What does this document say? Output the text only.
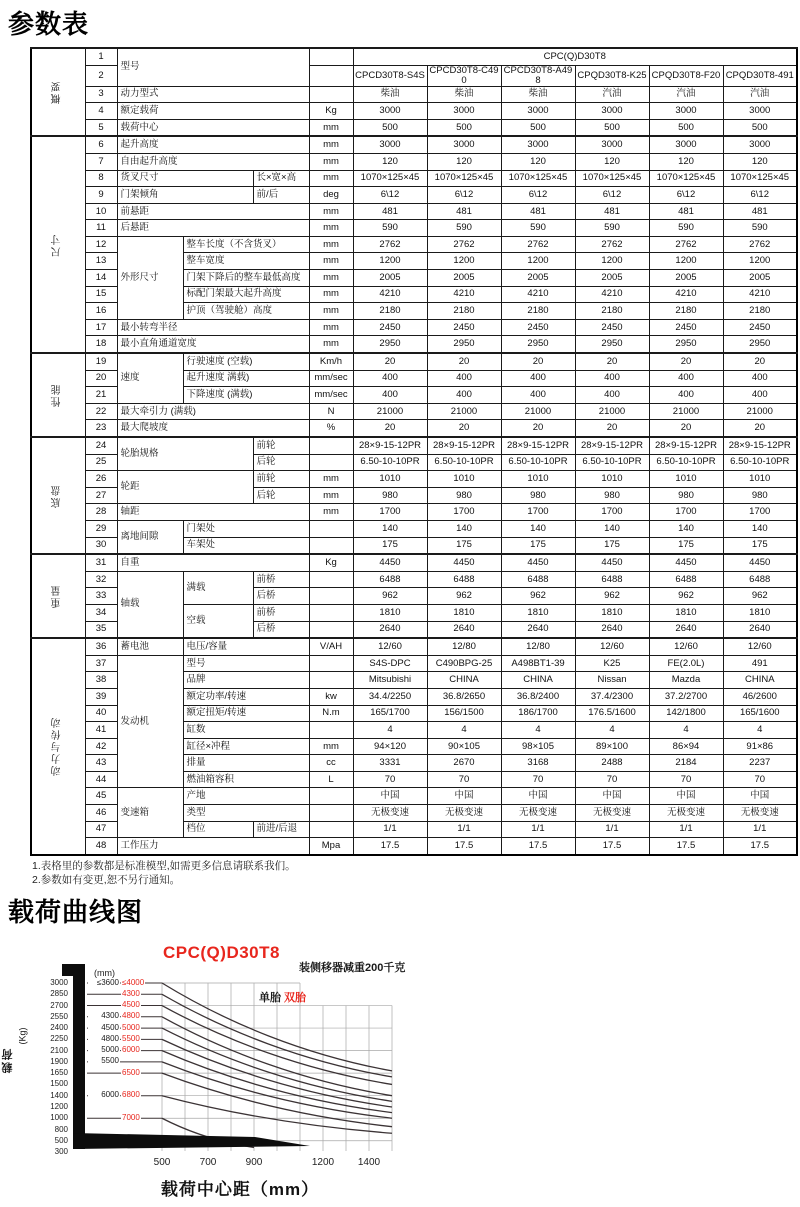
参数表
概要	1	型号				CPC(Q)D30T8					
	2					CPCD30T8-S4S	CPCD30T8-C490	CPCD30T8-A498	CPQD30T8-K25	CPQD30T8-F20	CPQD30T8-491
	3	动力型式				柴油	柴油	柴油	汽油	汽油	汽油
	4	额定载荷			Kg	3000	3000	3000	3000	3000	3000
	5	载荷中心			mm	500	500	500	500	500	500

尺寸	6	起升高度			mm	3000	3000	3000	3000	3000	3000
	7	自由起升高度			mm	120	120	120	120	120	120
	8	货叉尺寸		长×宽×高	mm	1070×125×45	1070×125×45	1070×125×45	1070×125×45	1070×125×45	1070×125×45
	9	门架倾角		前/后	deg	6\12	6\12	6\12	6\12	6\12	6\12
	10	前悬距			mm	481	481	481	481	481	481
	11	后悬距			mm	590	590	590	590	590	590
	12	外形尺寸	整车长度（不含货叉）		mm	2762	2762	2762	2762	2762	2762
	13		整车宽度		mm	1200	1200	1200	1200	1200	1200
	14		门架下降后的整车最低高度		mm	2005	2005	2005	2005	2005	2005
	15		标配门架最大起升高度		mm	4210	4210	4210	4210	4210	4210
	16		护顶（驾驶舱）高度		mm	2180	2180	2180	2180	2180	2180
	17	最小转弯半径			mm	2450	2450	2450	2450	2450	2450
	18	最小直角通道宽度			mm	2950	2950	2950	2950	2950	2950

性能	19	速度	行驶速度 (空载)		Km/h	20	20	20	20	20	20
	20		起升速度 满载)		mm/sec	400	400	400	400	400	400
	21		下降速度 (满载)		mm/sec	400	400	400	400	400	400
	22	最大牵引力 (满载)			N	21000	21000	21000	21000	21000	21000
	23	最大爬坡度			%	20	20	20	20	20	20

底盘	24	轮胎规格		前轮		28×9-15-12PR	28×9-15-12PR	28×9-15-12PR	28×9-15-12PR	28×9-15-12PR	28×9-15-12PR
	25			后轮		6.50-10-10PR	6.50-10-10PR	6.50-10-10PR	6.50-10-10PR	6.50-10-10PR	6.50-10-10PR
	26	轮距		前轮	mm	1010	1010	1010	1010	1010	1010
	27			后轮	mm	980	980	980	980	980	980
	28	轴距			mm	1700	1700	1700	1700	1700	1700
	29	离地间隙	门架处			140	140	140	140	140	140
	30		车架处			175	175	175	175	175	175

重量	31	自重			Kg	4450	4450	4450	4450	4450	4450
	32	轴载	满载	前桥		6488	6488	6488	6488	6488	6488
	33			后桥		962	962	962	962	962	962
	34		空载	前桥		1810	1810	1810	1810	1810	1810
	35			后桥		2640	2640	2640	2640	2640	2640

动力与传动	36	蓄电池	电压/容量		V/AH	12/60	12/80	12/80	12/60	12/60	12/60
	37	发动机	型号			S4S-DPC	C490BPG-25	A498BT1-39	K25	FE(2.0L)	491
	38		品牌			Mitsubishi	CHINA	CHINA	Nissan	Mazda	CHINA
	39		额定功率/转速		kw	34.4/2250	36.8/2650	36.8/2400	37.4/2300	37.2/2700	46/2600
	40		额定扭矩/转速		N.m	165/1700	156/1500	186/1700	176.5/1600	142/1800	165/1600
	41		缸数			4	4	4	4	4	4
	42		缸径×冲程		mm	94×120	90×105	98×105	89×100	86×94	91×86
	43		排量		cc	3331	2670	3168	2488	2184	2237
	44		燃油箱容积		L	70	70	70	70	70	70
	45	变速箱	产地			中国	中国	中国	中国	中国	中国
	46		类型			无极变速	无极变速	无极变速	无极变速	无极变速	无极变速
	47		档位	前进/后退		1/1	1/1	1/1	1/1	1/1	1/1
	48	工作压力			Mpa	17.5	17.5	17.5	17.5	17.5	17.5
1.表格里的参数都是标准模型,如需更多信息请联系我们。
2.参数如有变更,恕不另行通知。
载荷曲线图
CPC(Q)D30T8
装侧移器减重200千克
单胎 双胎
(mm)
载荷
(Kg)
载荷中心距（mm）
3000
2850
2700
2550
2400
2250
2100
1900
1650
1500
1400
1200
1000
800
500
300
500	700	900	1200	1400
≤3600 ≤4000
4300
4500
4300 4800
4500 5000
4800 5500
5000 6000
5500
6500
6000 6800
7000
